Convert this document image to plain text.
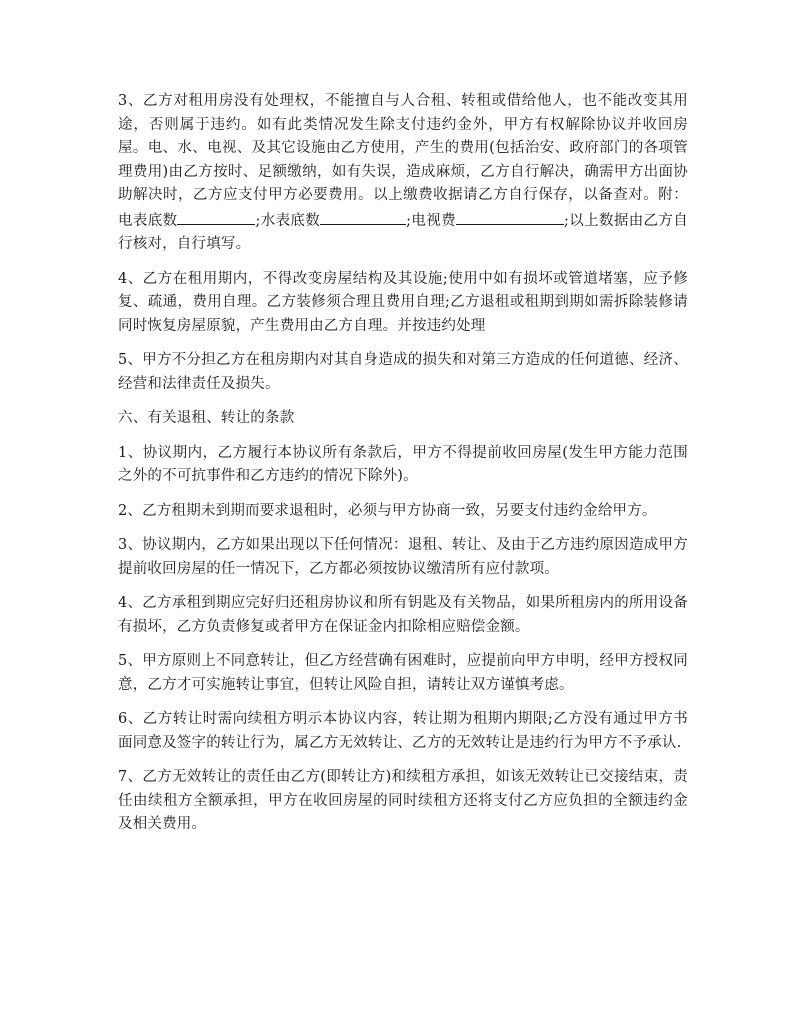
3、乙方对租用房没有处理权，不能擅自与人合租、转租或借给他人，也不能改变其用途，否则属于违约。如有此类情况发生除支付违约金外，甲方有权解除协议并收回房屋。电、水、电视、及其它设施由乙方使用，产生的费用(包括治安、政府部门的各项管理费用)由乙方按时、足额缴纳，如有失误，造成麻烦，乙方自行解决，确需甲方出面协助解决时，乙方应支付甲方必要费用。以上缴费收据请乙方自行保存，以备查对。附：电表底数	;水表底数	;电视费	;以上数据由乙方自行核对，自行填写。

4、乙方在租用期内，不得改变房屋结构及其设施;使用中如有损坏或管道堵塞，应予修复、疏通，费用自理。乙方装修须合理且费用自理;乙方退租或租期到期如需拆除装修请同时恢复房屋原貌，产生费用由乙方自理。并按违约处理

5、甲方不分担乙方在租房期内对其自身造成的损失和对第三方造成的任何道德、经济、经营和法律责任及损失。

六、有关退租、转让的条款

1、协议期内，乙方履行本协议所有条款后，甲方不得提前收回房屋(发生甲方能力范围之外的不可抗事件和乙方违约的情况下除外)。

2、乙方租期未到期而要求退租时，必须与甲方协商一致，另要支付违约金给甲方。

3、协议期内，乙方如果出现以下任何情况：退租、转让、及由于乙方违约原因造成甲方提前收回房屋的任一情况下，乙方都必须按协议缴清所有应付款项。

4、乙方承租到期应完好归还租房协议和所有钥匙及有关物品，如果所租房内的所用设备有损坏，乙方负责修复或者甲方在保证金内扣除相应赔偿金额。

5、甲方原则上不同意转让，但乙方经营确有困难时，应提前向甲方申明，经甲方授权同意，乙方才可实施转让事宜，但转让风险自担，请转让双方谨慎考虑。

6、乙方转让时需向续租方明示本协议内容，转让期为租期内期限;乙方没有通过甲方书面同意及签字的转让行为，属乙方无效转让、乙方的无效转让是违约行为甲方不予承认.

7、乙方无效转让的责任由乙方(即转让方)和续租方承担，如该无效转让已交接结束，责任由续租方全额承担，甲方在收回房屋的同时续租方还将支付乙方应负担的全额违约金及相关费用。
